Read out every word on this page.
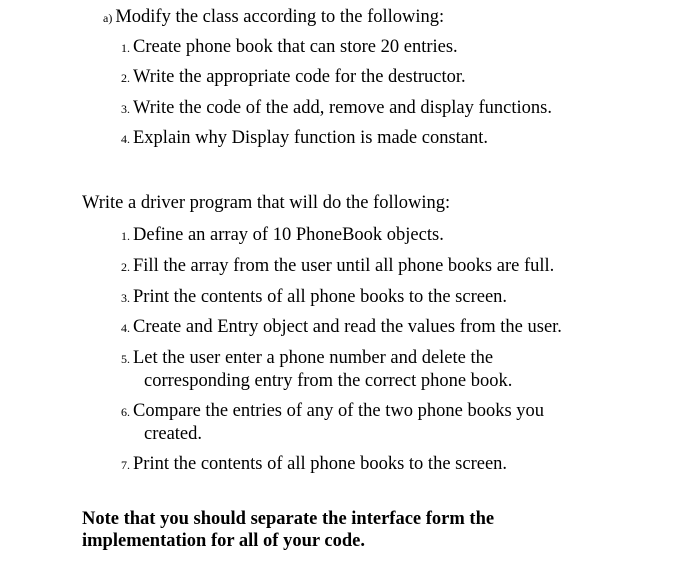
a) Modify the class according to the following:
1. Create phone book that can store 20 entries.
2. Write the appropriate code for the destructor.
3. Write the code of the add, remove and display functions.
4. Explain why Display function is made constant.
Write a driver program that will do the following:
1. Define an array of 10 PhoneBook objects.
2. Fill the array from the user until all phone books are full.
3. Print the contents of all phone books to the screen.
4. Create and Entry object and read the values from the user.
5. Let the user enter a phone number and delete the
corresponding entry from the correct phone book.
6. Compare the entries of any of the two phone books you
created.
7. Print the contents of all phone books to the screen.
Note that you should separate the interface form the
implementation for all of your code.
